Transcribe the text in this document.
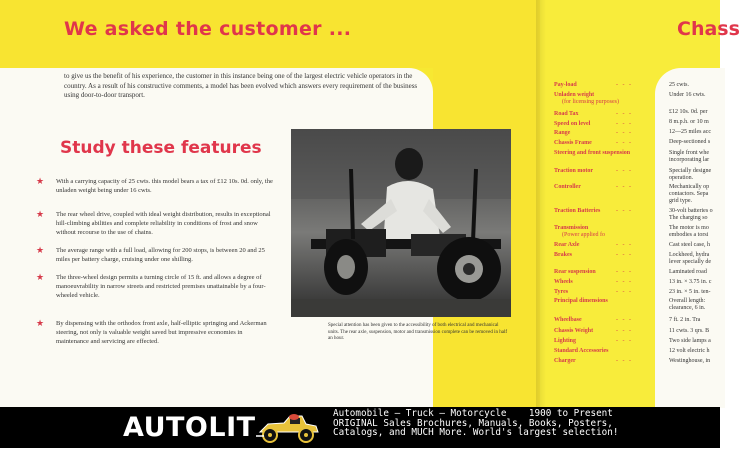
We asked the customer ...	Chass
to give us the benefit of his experience, the customer in this instance being one of the largest electric vehicle operators in the country. As a result of his constructive comments, a model has been evolved which answers every requirement of the business using door-to-door transport.
Study these features
★ With a carrying capacity of 25 cwts. this model bears a tax of £12 10s. 0d. only, the unladen weight being under 16 cwts.
★ The rear wheel drive, coupled with ideal weight distribution, results in exceptional hill-climbing abilities and complete reliability in conditions of frost and snow without recourse to the use of chains.
★ The average range with a full load, allowing for 200 stops, is between 20 and 25 miles per battery charge, cruising under one shilling.
★ The three-wheel design permits a turning circle of 15 ft. and allows a degree of manoeuvrability in narrow streets and restricted premises unattainable by a four-wheeled vehicle.
★ By dispensing with the orthodox front axle, half-elliptic springing and Ackerman steering, not only is valuable weight saved but impressive economies in maintenance and servicing are effected.
Special attention has been given to the accessibility of both electrical and mechanical units. The rear axle, suspension, motor and transmission complete can be removed in half an hour.
Pay-load
Unladen weight
(for licensing purposes)
Road Tax
Speed on level
Range
Chassis Frame
Steering and front suspension
Traction motor
Controller
Traction Batteries
Transmission
(Power applied fo
Rear Axle
Brakes
Rear suspension
Wheels
Tyres
Principal dimensions
Wheelbase
Chassis Weight
Lighting
Standard Accessories
Charger
-   -   -
-   -   -
-   -   -
-   -   -
-   -   -
-   -   -
-   -   -
-   -   -
-   -   -
-   -   -
-   -   -
-   -   -
-   -   -
-   -   -
-   -   -
-   -   -
-   -   -
25 cwts.
Under 16 cwts.
£12 10s. 0d. per
8 m.p.h. or 10 m
12—25 miles acc
Deep-sectioned s
Single front whe
incorporating lar
Specially designe
operation.
Mechanically op
contactors. Sepa
grid type.
30-volt batteries o
The charging so
The motor is mo
embodies a torsi
Cast steel case, h
Lockheed, hydra
lever specially de
Laminated road
13 in. × 3.75 in. c
23 in. × 5 in. ten-
Overall length:
clearance, 6 in.
7 ft. 2 in. Tra
11 cwts. 3 qrs. B
Two side lamps a
12 volt electric h
Westinghouse, in
AUTOLIT	Automobile – Truck – Motorcycle    1900 to Present
ORIGINAL Sales Brochures, Manuals, Books, Posters,
Catalogs, and MUCH More. World's largest selection!
